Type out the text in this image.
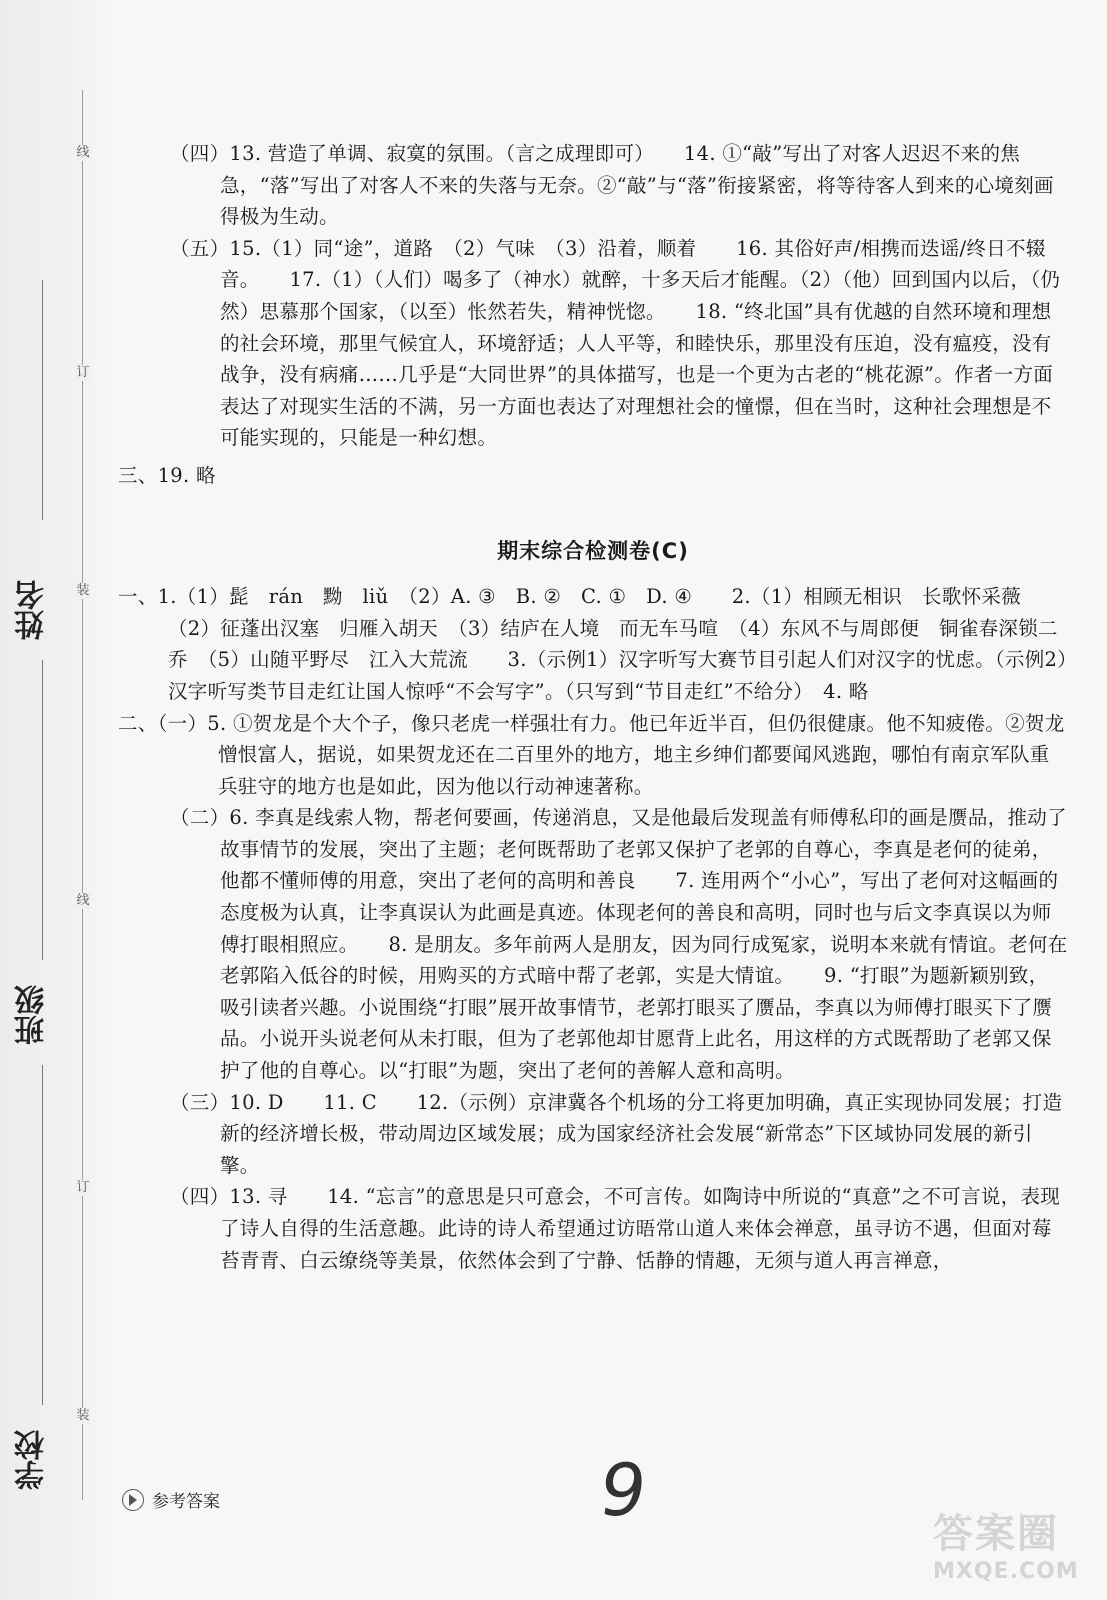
线
订
装
线
订
装
姓名
班级
学校

（四）13. 营造了单调、寂寞的氛围。（言之成理即可）　　14. ①“敲”写出了对客人迟迟不来的焦急，“落”写出了对客人不来的失落与无奈。②“敲”与“落”衔接紧密，将等待客人到来的心境刻画得极为生动。

（五）15.（1）同“途”，道路　（2）气味　（3）沿着，顺着　　16. 其俗好声/相携而迭谣/终日不辍音。　　17.（1）（人们）喝多了（神水）就醉，十多天后才能醒。（2）（他）回到国内以后，（仍然）思慕那个国家，（以至）怅然若失，精神恍惚。　　18. “终北国”具有优越的自然环境和理想的社会环境，那里气候宜人，环境舒适；人人平等，和睦快乐，那里没有压迫，没有瘟疫，没有战争，没有病痛……几乎是“大同世界”的具体描写，也是一个更为古老的“桃花源”。作者一方面表达了对现实生活的不满，另一方面也表达了对理想社会的憧憬，但在当时，这种社会理想是不可能实现的，只能是一种幻想。

三、19. 略

期末综合检测卷(C)

一、1.（1）髭　rán　黝　liǔ　（2）A. ③　B. ②　C. ①　D. ④　　2.（1）相顾无相识　长歌怀采薇　（2）征蓬出汉塞　归雁入胡天　（3）结庐在人境　而无车马喧　（4）东风不与周郎便　铜雀春深锁二乔　（5）山随平野尽　江入大荒流　　3.（示例1）汉字听写大赛节目引起人们对汉字的忧虑。（示例2）汉字听写类节目走红让国人惊呼“不会写字”。（只写到“节目走红”不给分）　4. 略

二、（一）5. ①贺龙是个大个子，像只老虎一样强壮有力。他已年近半百，但仍很健康。他不知疲倦。②贺龙憎恨富人，据说，如果贺龙还在二百里外的地方，地主乡绅们都要闻风逃跑，哪怕有南京军队重兵驻守的地方也是如此，因为他以行动神速著称。

（二）6. 李真是线索人物，帮老何要画，传递消息，又是他最后发现盖有师傅私印的画是赝品，推动了故事情节的发展，突出了主题；老何既帮助了老郭又保护了老郭的自尊心，李真是老何的徒弟，他都不懂师傅的用意，突出了老何的高明和善良　　7. 连用两个“小心”，写出了老何对这幅画的态度极为认真，让李真误认为此画是真迹。体现老何的善良和高明，同时也与后文李真误以为师傅打眼相照应。　　8. 是朋友。多年前两人是朋友，因为同行成冤家，说明本来就有情谊。老何在老郭陷入低谷的时候，用购买的方式暗中帮了老郭，实是大情谊。　　9. “打眼”为题新颖别致，吸引读者兴趣。小说围绕“打眼”展开故事情节，老郭打眼买了赝品，李真以为师傅打眼买下了赝品。小说开头说老何从未打眼，但为了老郭他却甘愿背上此名，用这样的方式既帮助了老郭又保护了他的自尊心。以“打眼”为题，突出了老何的善解人意和高明。

（三）10. D　　11. C　　12.（示例）京津冀各个机场的分工将更加明确，真正实现协同发展；打造新的经济增长极，带动周边区域发展；成为国家经济社会发展“新常态”下区域协同发展的新引擎。

（四）13. 寻　　14. “忘言”的意思是只可意会，不可言传。如陶诗中所说的“真意”之不可言说，表现了诗人自得的生活意趣。此诗的诗人希望通过访晤常山道人来体会禅意，虽寻访不遇，但面对莓苔青青、白云缭绕等美景，依然体会到了宁静、恬静的情趣，无须与道人再言禅意，

参考答案	9
答案圈
MXQE.COM
